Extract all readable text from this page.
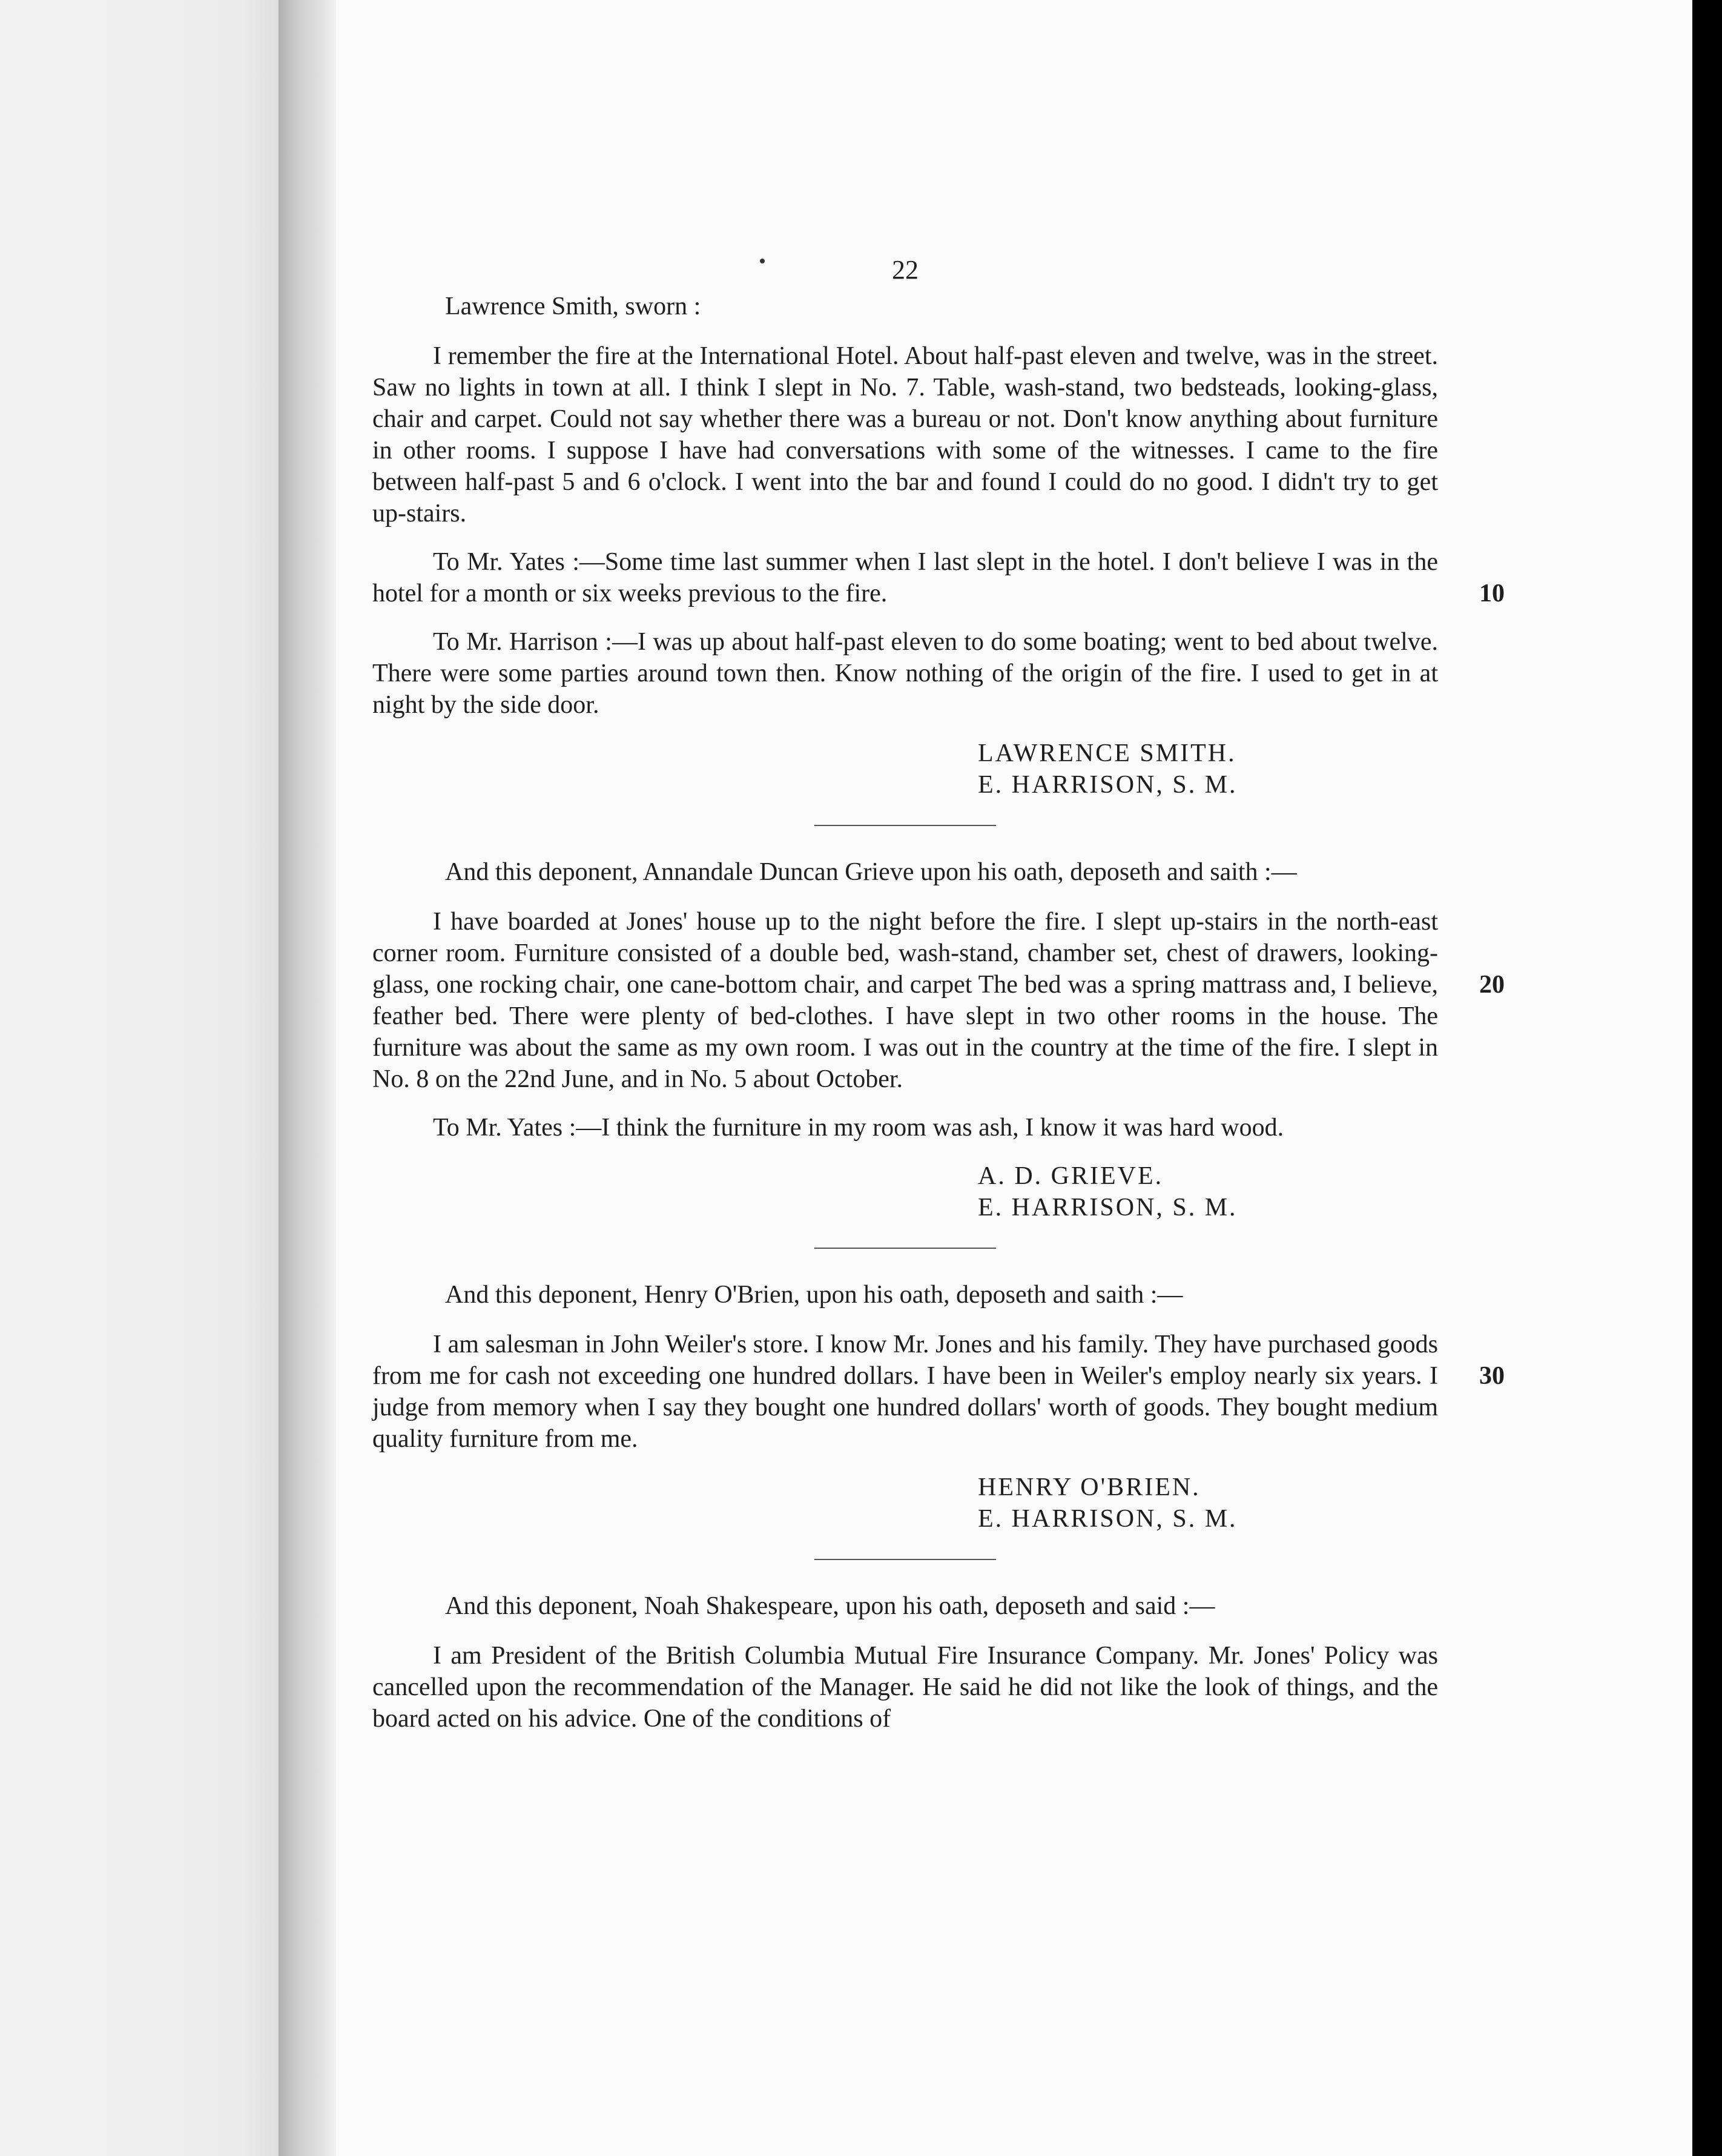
22

Lawrence Smith, sworn :

I remember the fire at the International Hotel. About half-past eleven and twelve, was in the street. Saw no lights in town at all. I think I slept in No. 7. Table, wash-stand, two bedsteads, looking-glass, chair and carpet. Could not say whether there was a bureau or not. Don't know anything about furniture in other rooms. I suppose I have had conversations with some of the witnesses. I came to the fire between half-past 5 and 6 o'clock. I went into the bar and found I could do no good. I didn't try to get up-stairs.

To Mr. Yates :—Some time last summer when I last slept in the hotel. I don't believe I was in the hotel for a month or six weeks previous to the fire.	10

To Mr. Harrison :—I was up about half-past eleven to do some boating; went to bed about twelve. There were some parties around town then. Know nothing of the origin of the fire. I used to get in at night by the side door.

LAWRENCE SMITH.

E. HARRISON, S. M.

And this deponent, Annandale Duncan Grieve upon his oath, deposeth and saith :—

I have boarded at Jones' house up to the night before the fire. I slept up-stairs in the north-east corner room. Furniture consisted of a double bed, wash-stand, chamber set, chest of drawers, looking-glass, one rocking chair, one cane-bottom chair, and carpet The bed was a spring mattrass and, I believe, feather bed. There were plenty of bed-clothes. I have slept in two other rooms in the house. The furniture was about the same as my own room. I was out in the country at the time of the fire. I slept in No. 8 on the 22nd June, and in No. 5 about October.
20

To Mr. Yates :—I think the furniture in my room was ash, I know it was hard wood.

A. D. GRIEVE.

E. HARRISON, S. M.

And this deponent, Henry O'Brien, upon his oath, deposeth and saith :—

I am salesman in John Weiler's store. I know Mr. Jones and his family. They have purchased goods from me for cash not exceeding one hundred dollars. I have been in Weiler's employ nearly six years. I judge from memory when I say they bought one hundred dollars' worth of goods. They bought medium quality furniture from me.
30

HENRY O'BRIEN.

E. HARRISON, S. M.

And this deponent, Noah Shakespeare, upon his oath, deposeth and said :—

I am President of the British Columbia Mutual Fire Insurance Company. Mr. Jones' Policy was cancelled upon the recommendation of the Manager. He said he did not like the look of things, and the board acted on his advice. One of the conditions of
